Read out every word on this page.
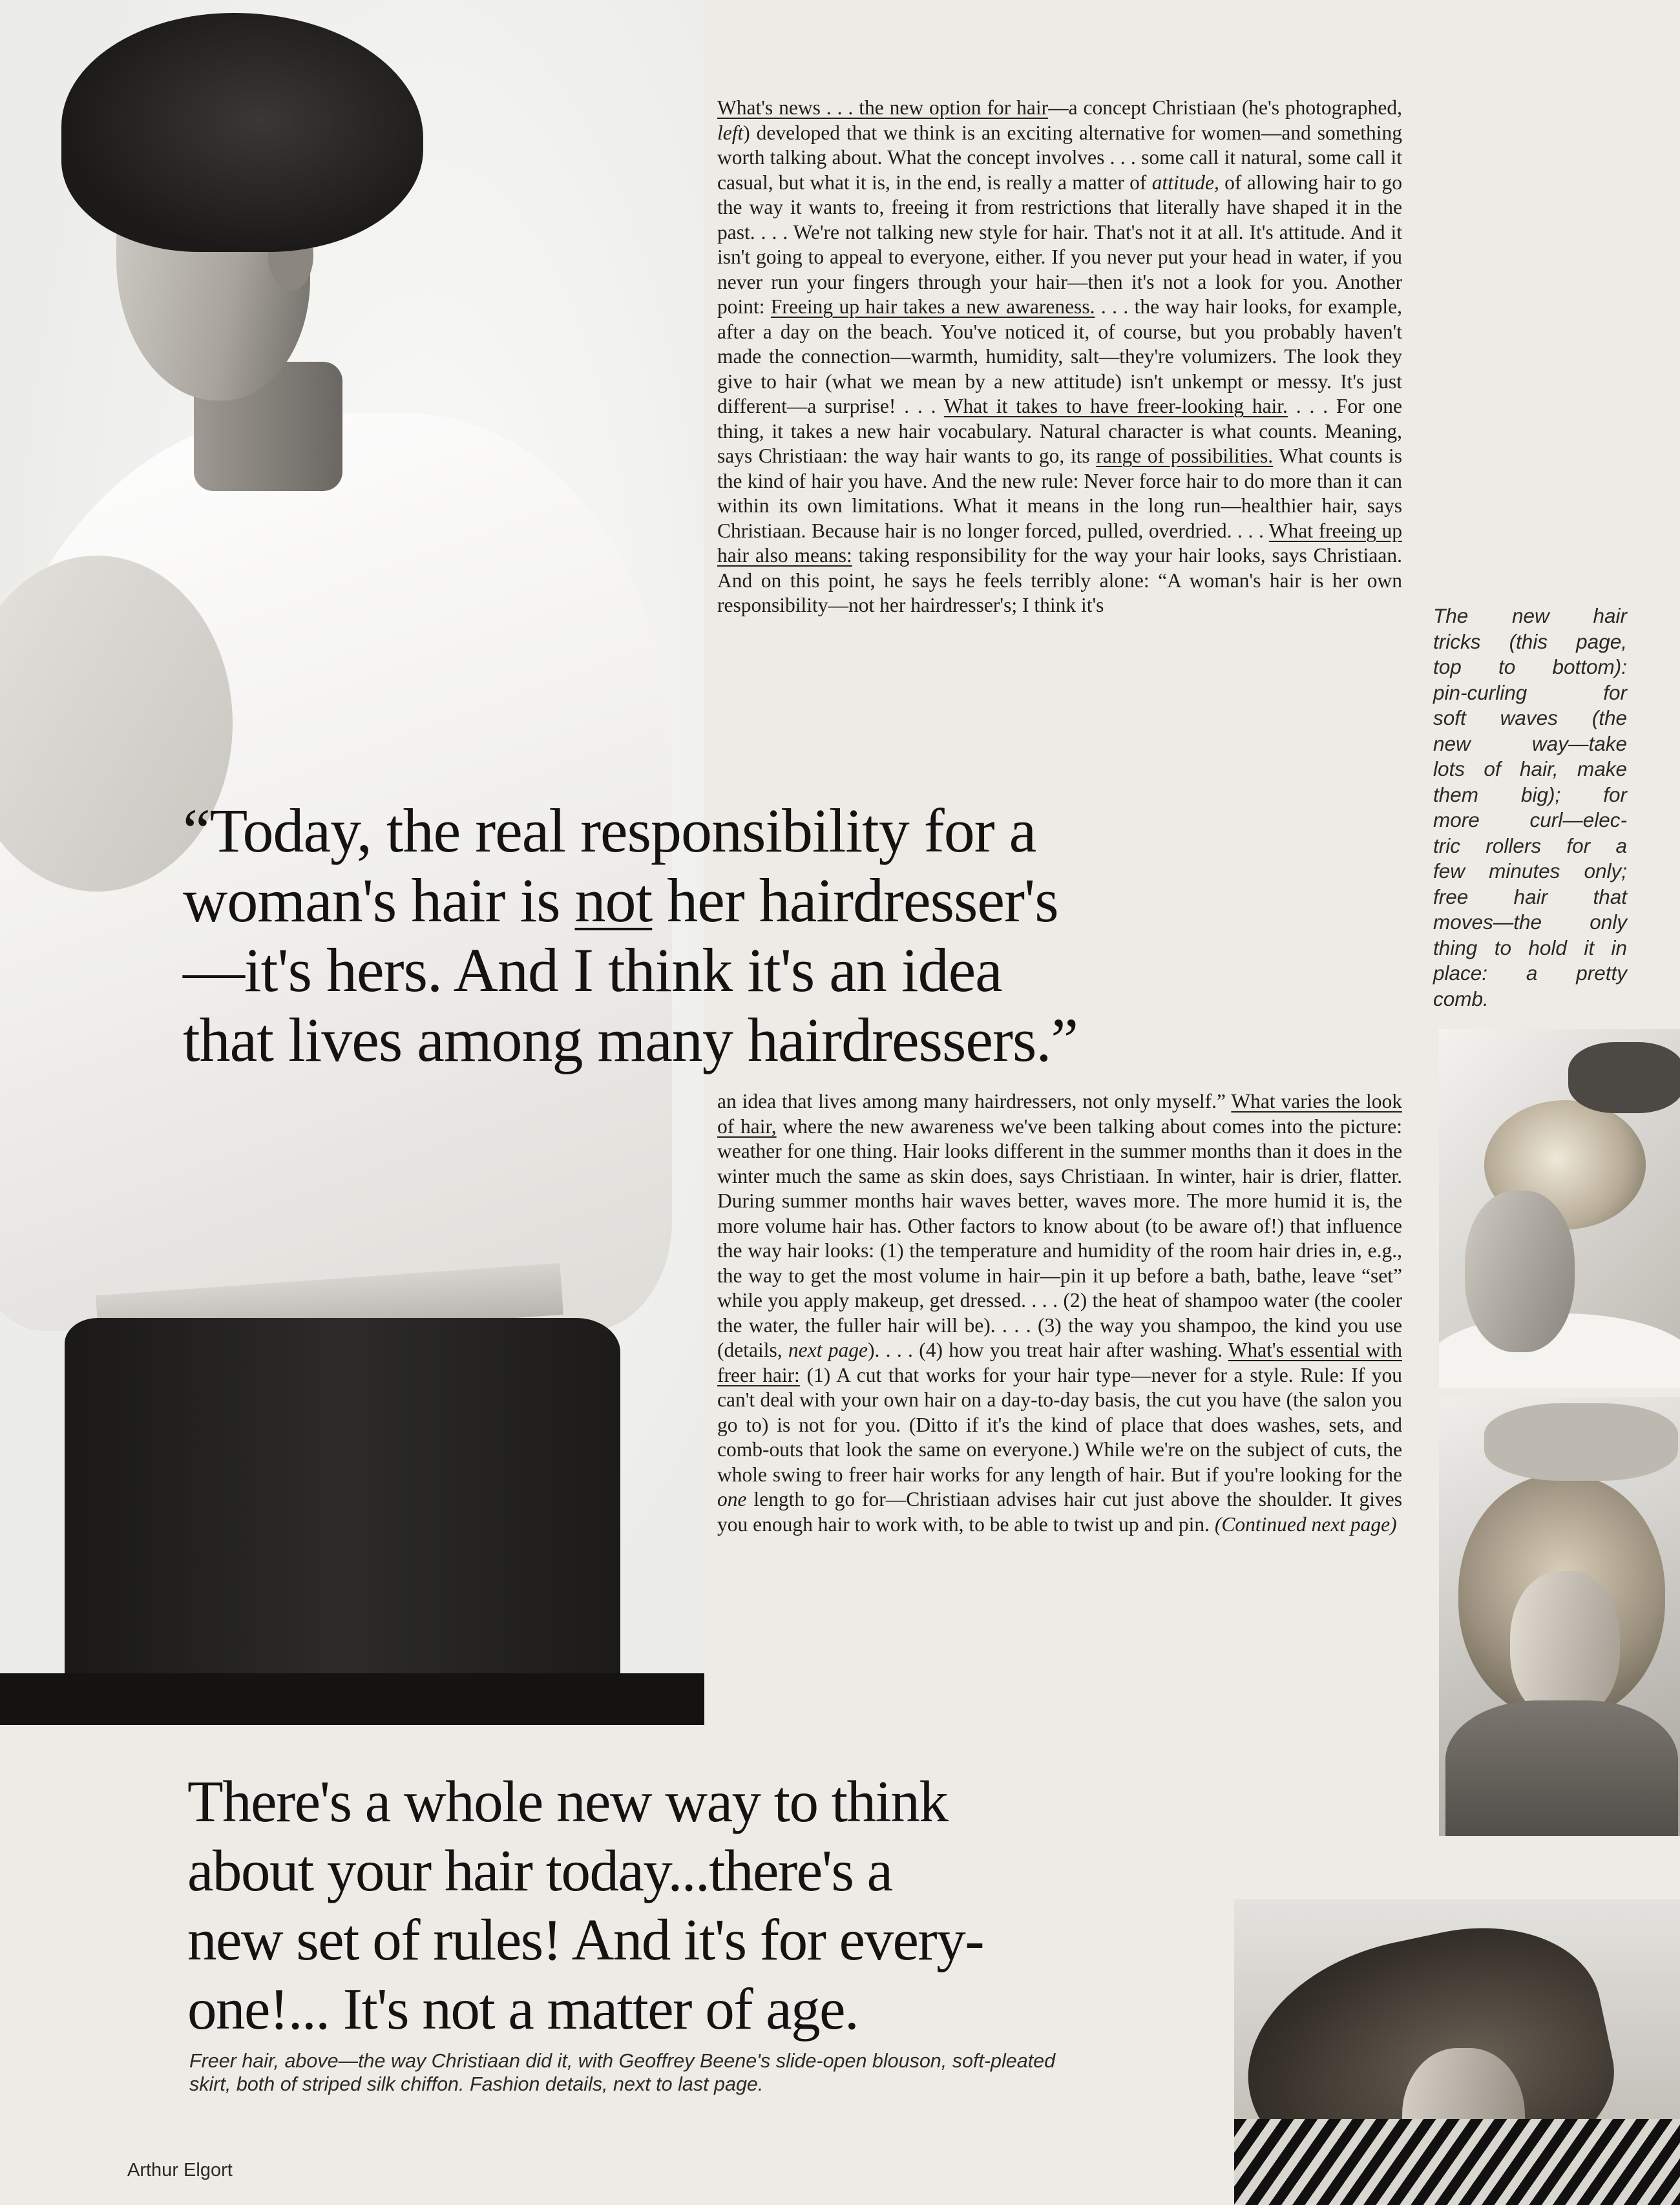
What's news . . . the new option for hair—a concept Christiaan (he's photographed, left) developed that we think is an exciting alternative for women—and something worth talking about. What the concept involves . . . some call it natural, some call it casual, but what it is, in the end, is really a matter of attitude, of allowing hair to go the way it wants to, freeing it from restrictions that literally have shaped it in the past. . . . We're not talking new style for hair. That's not it at all. It's attitude. And it isn't going to appeal to everyone, either. If you never put your head in water, if you never run your fingers through your hair—then it's not a look for you. Another point: Freeing up hair takes a new awareness. . . . the way hair looks, for example, after a day on the beach. You've noticed it, of course, but you probably haven't made the connection—warmth, humidity, salt—they're volumizers. The look they give to hair (what we mean by a new attitude) isn't unkempt or messy. It's just different—a surprise! . . . What it takes to have freer-looking hair. . . . For one thing, it takes a new hair vocabulary. Natural character is what counts. Meaning, says Christiaan: the way hair wants to go, its range of possibilities. What counts is the kind of hair you have. And the new rule: Never force hair to do more than it can within its own limitations. What it means in the long run—healthier hair, says Christiaan. Because hair is no longer forced, pulled, overdried. . . . What freeing up hair also means: taking responsibility for the way your hair looks, says Christiaan. And on this point, he says he feels terribly alone: “A woman's hair is her own responsibility—not her hairdresser's; I think it's
“Today, the real responsibility for a
woman's hair is not her hairdresser's
—it's hers. And I think it's an idea
that lives among many hairdressers.”
an idea that lives among many hairdressers, not only myself.” What varies the look of hair, where the new awareness we've been talking about comes into the picture: weather for one thing. Hair looks different in the summer months than it does in the winter much the same as skin does, says Christiaan. In winter, hair is drier, flatter. During summer months hair waves better, waves more. The more humid it is, the more volume hair has. Other factors to know about (to be aware of!) that influence the way hair looks: (1) the temperature and humidity of the room hair dries in, e.g., the way to get the most volume in hair—pin it up before a bath, bathe, leave “set” while you apply makeup, get dressed. . . . (2) the heat of shampoo water (the cooler the water, the fuller hair will be). . . . (3) the way you shampoo, the kind you use (details, next page). . . . (4) how you treat hair after washing. What's essential with freer hair: (1) A cut that works for your hair type—never for a style. Rule: If you can't deal with your own hair on a day-to-day basis, the cut you have (the salon you go to) is not for you. (Ditto if it's the kind of place that does washes, sets, and comb-outs that look the same on everyone.) While we're on the subject of cuts, the whole swing to freer hair works for any length of hair. But if you're looking for the one length to go for—Christiaan advises hair cut just above the shoulder. It gives you enough hair to work with, to be able to twist up and pin. (Continued next page)
The new hair
tricks (this page,
top to bottom):
pin-curling for
soft waves (the
new way—take
lots of hair, make
them big); for
more curl—elec-
tric rollers for a
few minutes only;
free hair that
moves—the only
thing to hold it in
place: a pretty
comb.
There's a whole new way to think
about your hair today...there's a
new set of rules! And it's for every-
one!... It's not a matter of age.
Freer hair, above—the way Christiaan did it, with Geoffrey Beene's slide-open blouson, soft-pleated skirt, both of striped silk chiffon. Fashion details, next to last page.
Arthur Elgort
